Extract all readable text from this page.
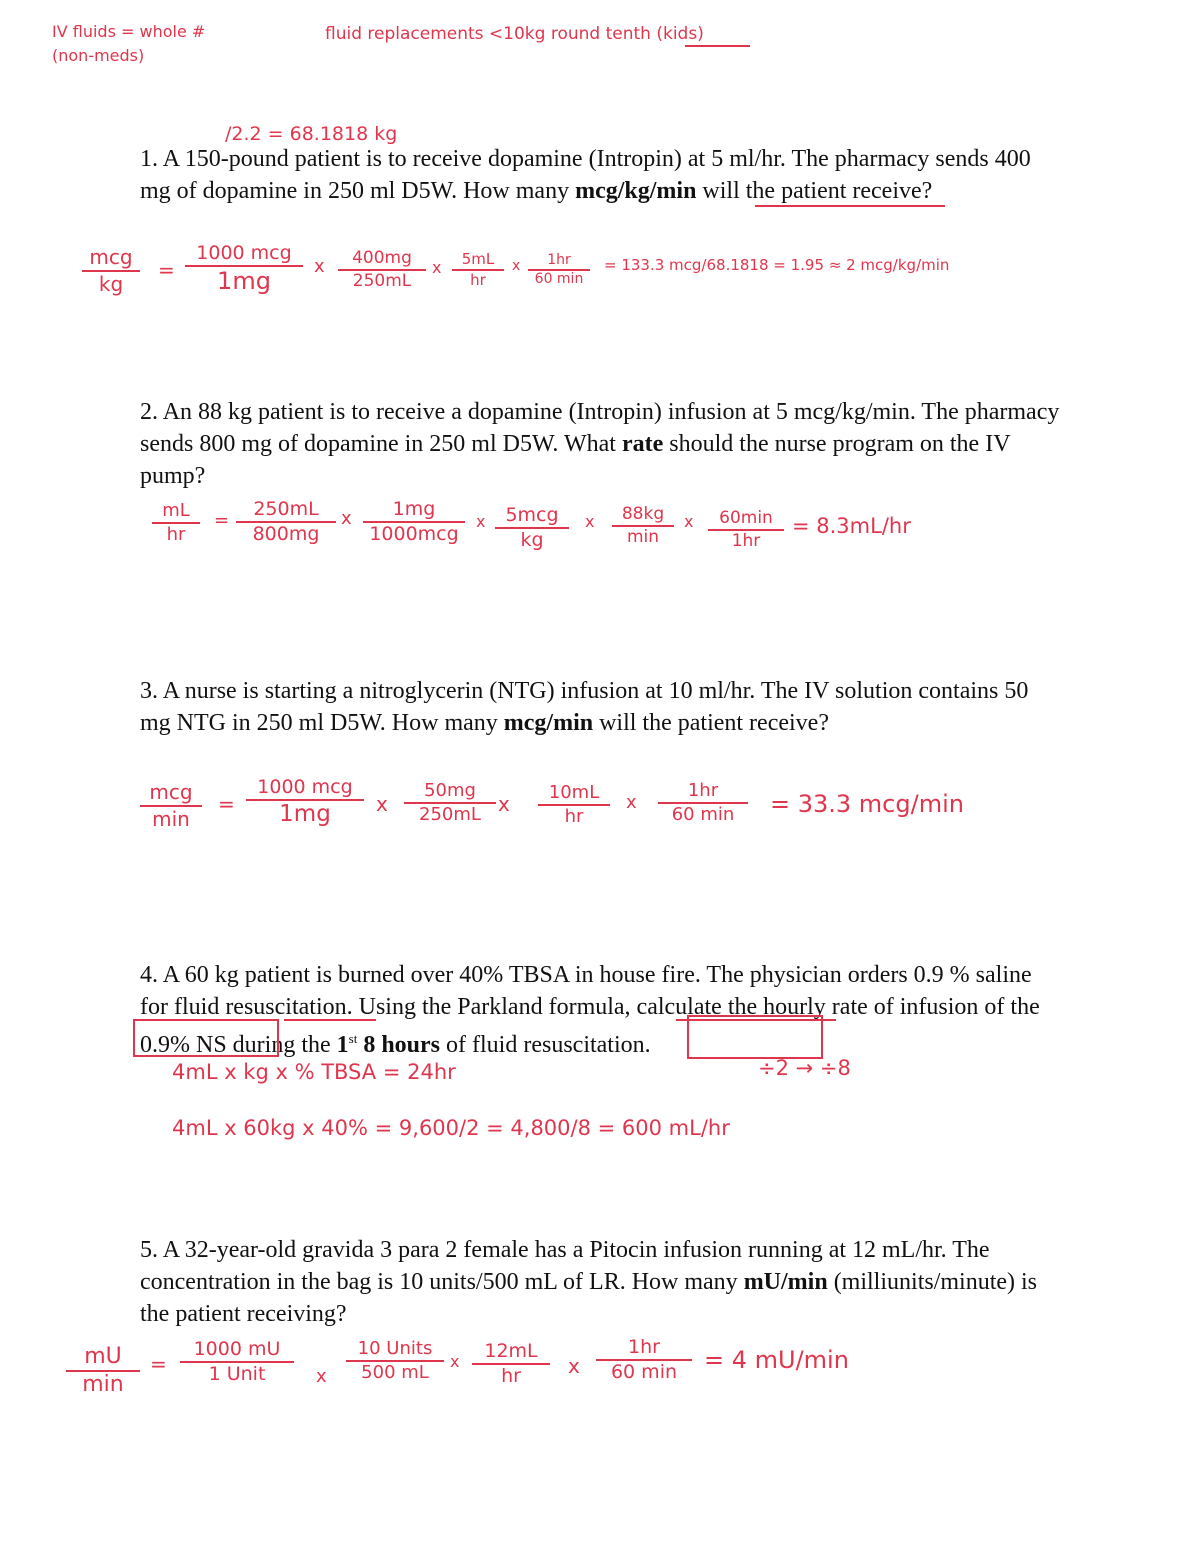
IV fluids = whole #
(non-meds)
fluid replacements <10kg round tenth (kids)
/2.2 = 68.1818 kg
1. A 150-pound patient is to receive dopamine (Intropin) at 5 ml/hr. The pharmacy sends 400 mg of dopamine in 250 ml D5W. How many mcg/kg/min will the patient receive?
mcg
kg
=
1000 mcg
1mg
x $\frac{400mg}{250mL}$ x $\frac{5mL}{hr}$ x	1hr
60 min
= 133.3 mcg/68.1818 = 1.95 ≈ 2 mcg/kg/min
2. An 88 kg patient is to receive a dopamine (Intropin) infusion at 5 mcg/kg/min. The pharmacy sends 800 mg of dopamine in 250 ml D5W. What rate should the nurse program on the IV pump?
$\frac{mL}{hr} = \frac{250mL}{800mg}$ x	1mg
1000mcg
x	5mcg
kg
x	88kg
min
x	60min
1hr
= 8.3mL/hr
3. A nurse is starting a nitroglycerin (NTG) infusion at 10 ml/hr. The IV solution contains 50 mg NTG in 250 ml D5W. How many mcg/min will the patient receive?
mcg
min
=
1000 mcg
1mg	x $\frac{50mg}{250mL}$ x $\frac{10mL}{hr}$ x
1hr
60 min	= 33.3 mcg/min
4. A 60 kg patient is burned over 40% TBSA in house fire. The physician orders 0.9 % saline for fluid resuscitation. Using the Parkland formula, calculate the hourly rate of infusion of the 0.9% NS during the 1st 8 hours of fluid resuscitation.
4mL x kg x % TBSA = 24hr	÷2 → ÷8
4mL x 60kg x 40% = 9,600/2 = 4,800/8 = 600 mL/hr
5. A 32-year-old gravida 3 para 2 female has a Pitocin infusion running at 12 mL/hr. The concentration in the bag is 10 units/500 mL of LR. How many mU/min (milliunits/minute) is the patient receiving?
mU
min
=
1000 mU
1 Unit	x
10 Units
500 mL
x $\frac{12mL}{hr}$ x
1hr
60 min	= 4 mU/min
